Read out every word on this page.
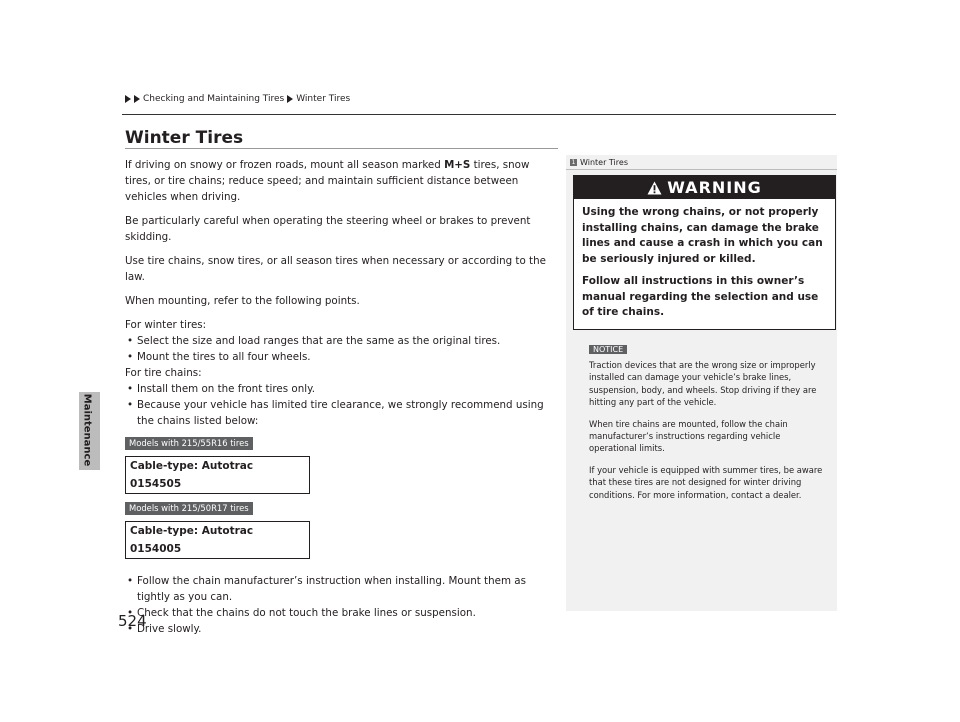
Maintenance
Checking and Maintaining Tires Winter Tires
Winter Tires

If driving on snowy or frozen roads, mount all season marked M+S tires, snow tires, or tire chains; reduce speed; and maintain sufficient distance between vehicles when driving.

Be particularly careful when operating the steering wheel or brakes to prevent skidding.

Use tire chains, snow tires, or all season tires when necessary or according to the law.

When mounting, refer to the following points.

For winter tires:

• Select the size and load ranges that are the same as the original tires.
• Mount the tires to all four wheels.

For tire chains:

• Install them on the front tires only.
• Because your vehicle has limited tire clearance, we strongly recommend using the chains listed below:
Models with 215/55R16 tires
Cable-type: Autotrac 0154505
Models with 215/50R17 tires
Cable-type: Autotrac 0154005
• Follow the chain manufacturer’s instruction when installing. Mount them as tightly as you can.
• Check that the chains do not touch the brake lines or suspension.
• Drive slowly.
1 Winter Tires
WARNING

Using the wrong chains, or not properly installing chains, can damage the brake lines and cause a crash in which you can be seriously injured or killed.

Follow all instructions in this owner’s manual regarding the selection and use of tire chains.

NOTICE

Traction devices that are the wrong size or improperly installed can damage your vehicle’s brake lines, suspension, body, and wheels. Stop driving if they are hitting any part of the vehicle.

When tire chains are mounted, follow the chain manufacturer’s instructions regarding vehicle operational limits.

If your vehicle is equipped with summer tires, be aware that these tires are not designed for winter driving conditions. For more information, contact a dealer.

524
